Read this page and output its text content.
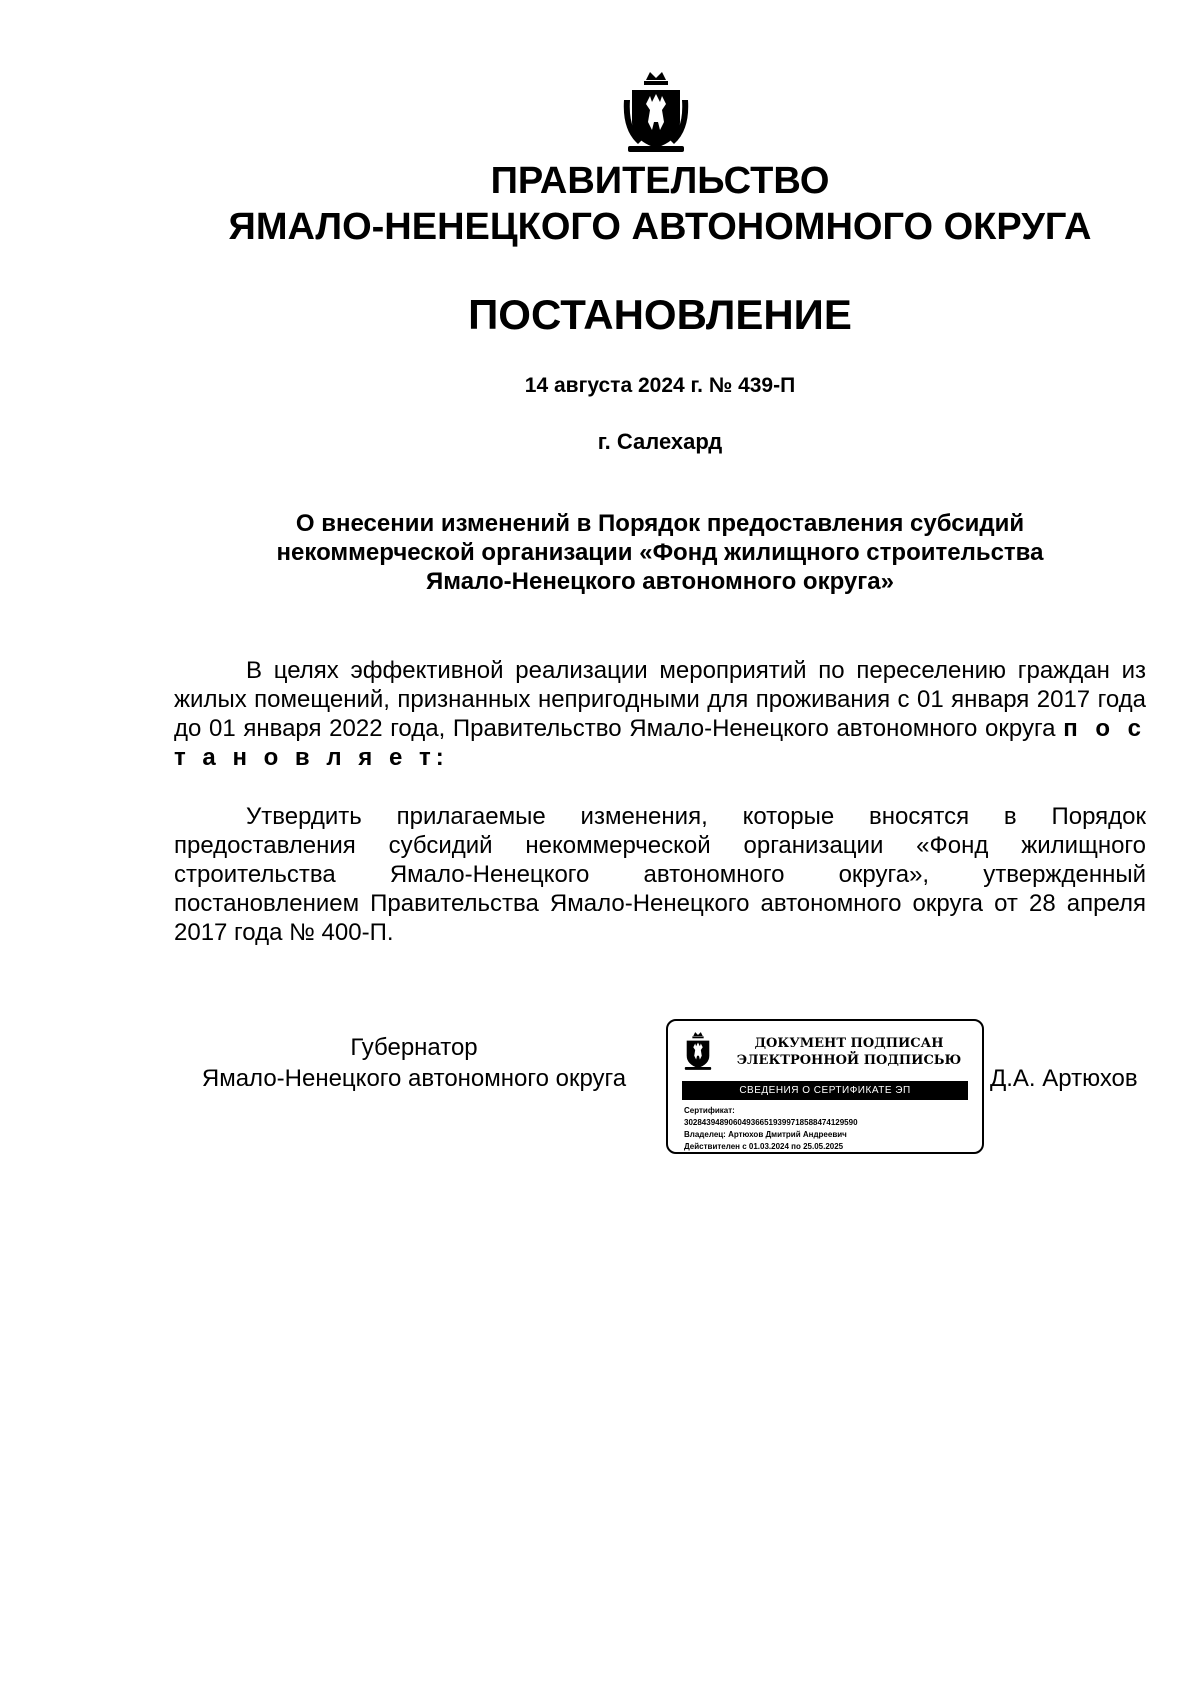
ПРАВИТЕЛЬСТВО
ЯМАЛО-НЕНЕЦКОГО АВТОНОМНОГО ОКРУГА
ПОСТАНОВЛЕНИЕ
14 августа 2024 г. № 439-П
г. Салехард
О внесении изменений в Порядок предоставления субсидий
некоммерческой организации «Фонд жилищного строительства
Ямало-Ненецкого автономного округа»
В целях эффективной реализации мероприятий по переселению граждан из жилых помещений, признанных непригодными для проживания с 01 января 2017 года до 01 января 2022 года, Правительство Ямало-Ненецкого автономного округа п о с т а н о в л я е т:
Утвердить прилагаемые изменения, которые вносятся в Порядок предоставления субсидий некоммерческой организации «Фонд жилищного строительства Ямало-Ненецкого автономного округа», утвержденный постановлением Правительства Ямало-Ненецкого автономного округа от 28 апреля 2017 года № 400-П.
Губернатор
Ямало-Ненецкого автономного округа
ДОКУМЕНТ ПОДПИСАН
ЭЛЕКТРОННОЙ ПОДПИСЬЮ
СВЕДЕНИЯ О СЕРТИФИКАТЕ ЭП
Сертификат:
3028439489060493665193997185884741295​90
Владелец: Артюхов Дмитрий Андреевич
Действителен с 01.03.2024 по 25.05.2025
Д.А. Артюхов
